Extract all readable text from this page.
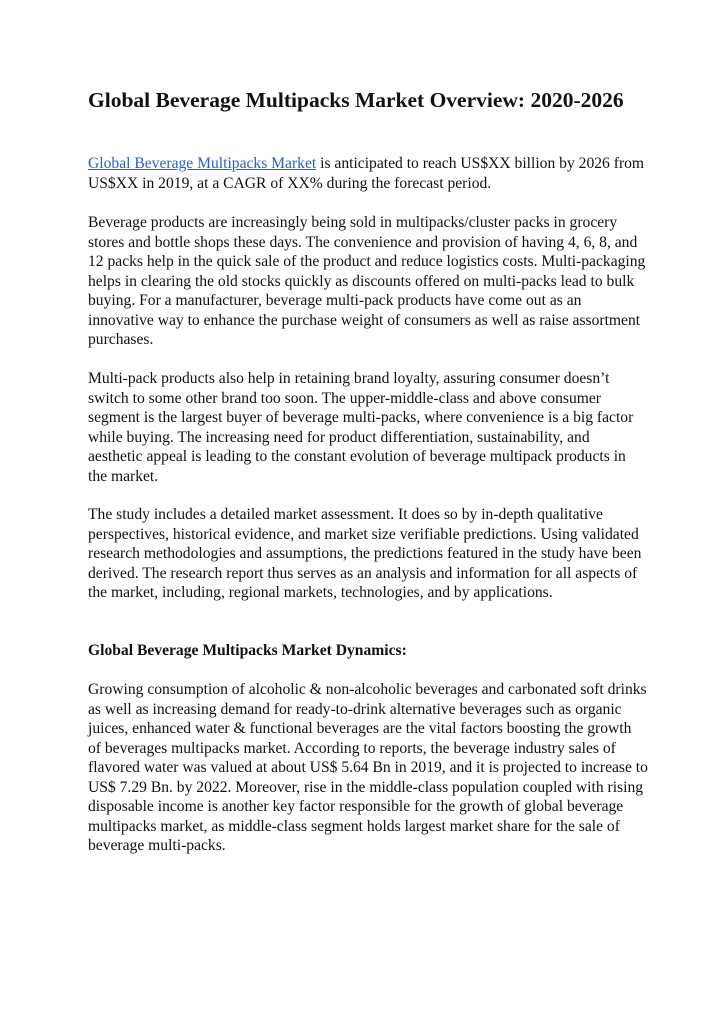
Global Beverage Multipacks Market Overview: 2020-2026

Global Beverage Multipacks Market is anticipated to reach US$XX billion by 2026 from US$XX in 2019, at a CAGR of XX% during the forecast period.

Beverage products are increasingly being sold in multipacks/cluster packs in grocery stores and bottle shops these days. The convenience and provision of having 4, 6, 8, and 12 packs help in the quick sale of the product and reduce logistics costs. Multi-packaging helps in clearing the old stocks quickly as discounts offered on multi-packs lead to bulk buying. For a manufacturer, beverage multi-pack products have come out as an innovative way to enhance the purchase weight of consumers as well as raise assortment purchases.

Multi-pack products also help in retaining brand loyalty, assuring consumer doesn’t switch to some other brand too soon. The upper-middle-class and above consumer segment is the largest buyer of beverage multi-packs, where convenience is a big factor while buying. The increasing need for product differentiation, sustainability, and aesthetic appeal is leading to the constant evolution of beverage multipack products in the market.

The study includes a detailed market assessment. It does so by in-depth qualitative perspectives, historical evidence, and market size verifiable predictions. Using validated research methodologies and assumptions, the predictions featured in the study have been derived. The research report thus serves as an analysis and information for all aspects of the market, including, regional markets, technologies, and by applications.

Global Beverage Multipacks Market Dynamics:

Growing consumption of alcoholic & non-alcoholic beverages and carbonated soft drinks as well as increasing demand for ready-to-drink alternative beverages such as organic juices, enhanced water & functional beverages are the vital factors boosting the growth of beverages multipacks market. According to reports, the beverage industry sales of flavored water was valued at about US$ 5.64 Bn in 2019, and it is projected to increase to US$ 7.29 Bn. by 2022. Moreover, rise in the middle-class population coupled with rising disposable income is another key factor responsible for the growth of global beverage multipacks market, as middle-class segment holds largest market share for the sale of beverage multi-packs.
